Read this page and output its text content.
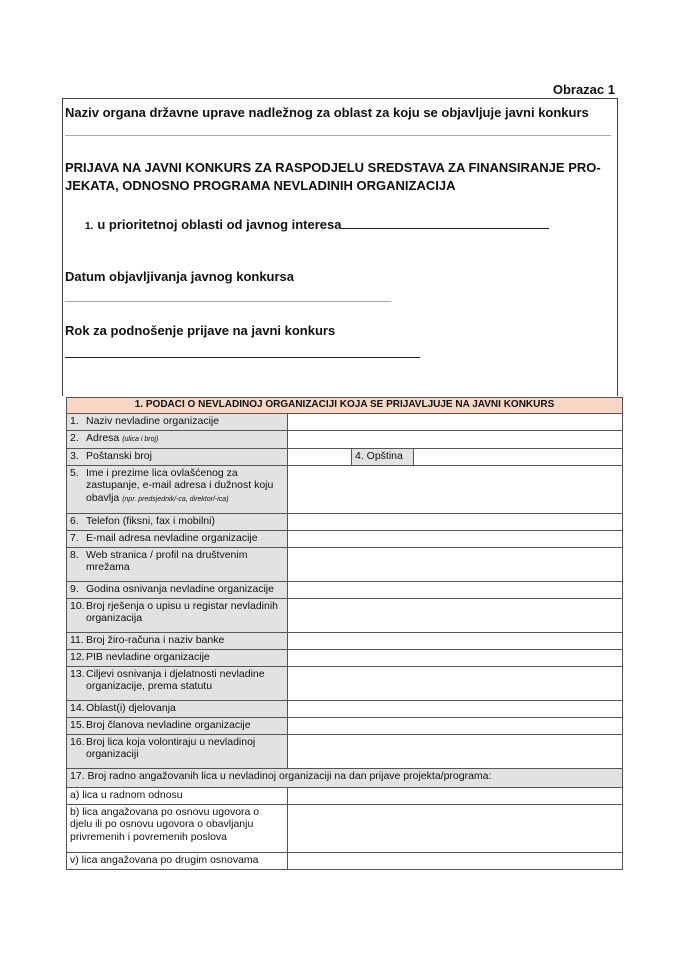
Obrazac 1
Naziv organa državne uprave nadležnog za oblast za koju se objavljuje javni konkurs
PRIJAVA NA JAVNI KONKURS ZA RASPODJELU SREDSTAVA ZA FINANSIRANJE PRO-JEKATA, ODNOSNO PROGRAMA NEVLADINIH ORGANIZACIJA
1. u prioritetnoj oblasti od javnog interesa
Datum objavljivanja javnog konkursa
Rok za podnošenje prijave na javni konkurs
1. PODACI O NEVLADINOJ ORGANIZACIJI KOJA SE PRIJAVLJUJE NA JAVNI KONKURS			
1. Naziv nevladine organizacije			
2. Adresa (ulica i broj)			
3. Poštanski broj		4. Opština	

5. Ime i prezime lica ovlašćenog za zastupanje, e-mail adresa i dužnost koju obavlja (npr. predsjednik/-ca, direktor/-ica)			

6. Telefon (fiksni, fax i mobilni)			
7. E-mail adresa nevladine organizacije			

8. Web stranica / profil na društvenim mrežama			

9. Godina osnivanja nevladine organizacije			

10. Broj rješenja o upisu u registar nevladinih organizacija			

11. Broj žiro-računa i naziv banke			
12.PIB nevladine organizacije			

13. Ciljevi osnivanja i djelatnosti nevladine organizacije, prema statutu			

14.Oblast(i) djelovanja			
15.Broj članova nevladine organizacije			

16. Broj lica koja volontiraju u nevladinoj organizaciji			

17. Broj radno angažovanih lica u nevladinoj organizaciji na dan prijave projekta/programa:			
a) lica u radnom odnosu			
b) lica angažovana po osnovu ugovora o djelu ili po osnovu ugovora o obavljanju privremenih i povremenih poslova			
v) lica angažovana po drugim osnovama			
